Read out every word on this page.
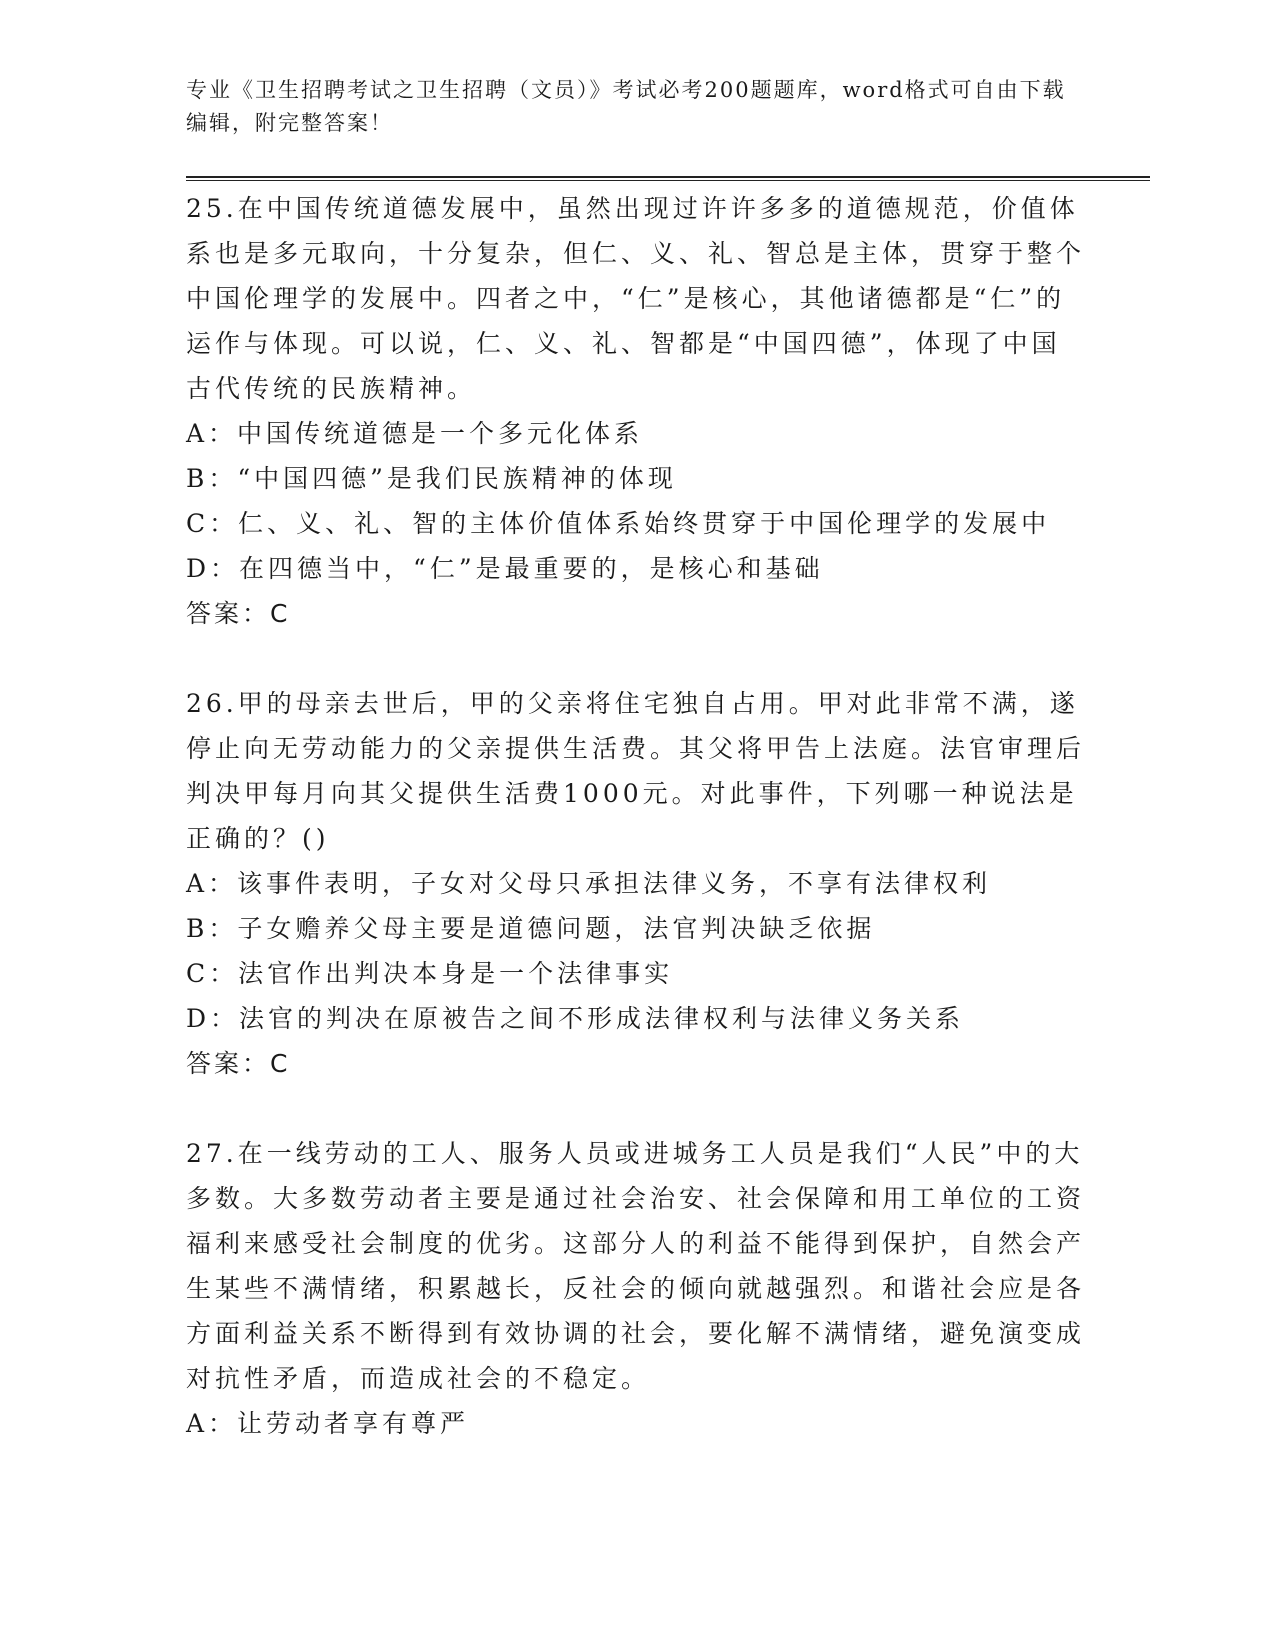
专业《卫生招聘考试之卫生招聘（文员）》考试必考200题题库，word格式可自由下载编辑，附完整答案！

25.在中国传统道德发展中，虽然出现过许许多多的道德规范，价值体系也是多元取向，十分复杂，但仁、义、礼、智总是主体，贯穿于整个中国伦理学的发展中。四者之中，“仁”是核心，其他诸德都是“仁”的运作与体现。可以说，仁、义、礼、智都是“中国四德”，体现了中国古代传统的民族精神。

A：中国传统道德是一个多元化体系

B：“中国四德”是我们民族精神的体现

C：仁、义、礼、智的主体价值体系始终贯穿于中国伦理学的发展中

D：在四德当中，“仁”是最重要的，是核心和基础

答案：C

26.甲的母亲去世后，甲的父亲将住宅独自占用。甲对此非常不满，遂停止向无劳动能力的父亲提供生活费。其父将甲告上法庭。法官审理后判决甲每月向其父提供生活费1000元。对此事件，下列哪一种说法是正确的？()

A：该事件表明，子女对父母只承担法律义务，不享有法律权利

B：子女赡养父母主要是道德问题，法官判决缺乏依据

C：法官作出判决本身是一个法律事实

D：法官的判决在原被告之间不形成法律权利与法律义务关系

答案：C

27.在一线劳动的工人、服务人员或进城务工人员是我们“人民”中的大多数。大多数劳动者主要是通过社会治安、社会保障和用工单位的工资福利来感受社会制度的优劣。这部分人的利益不能得到保护，自然会产生某些不满情绪，积累越长，反社会的倾向就越强烈。和谐社会应是各方面利益关系不断得到有效协调的社会，要化解不满情绪，避免演变成对抗性矛盾，而造成社会的不稳定。

A：让劳动者享有尊严
